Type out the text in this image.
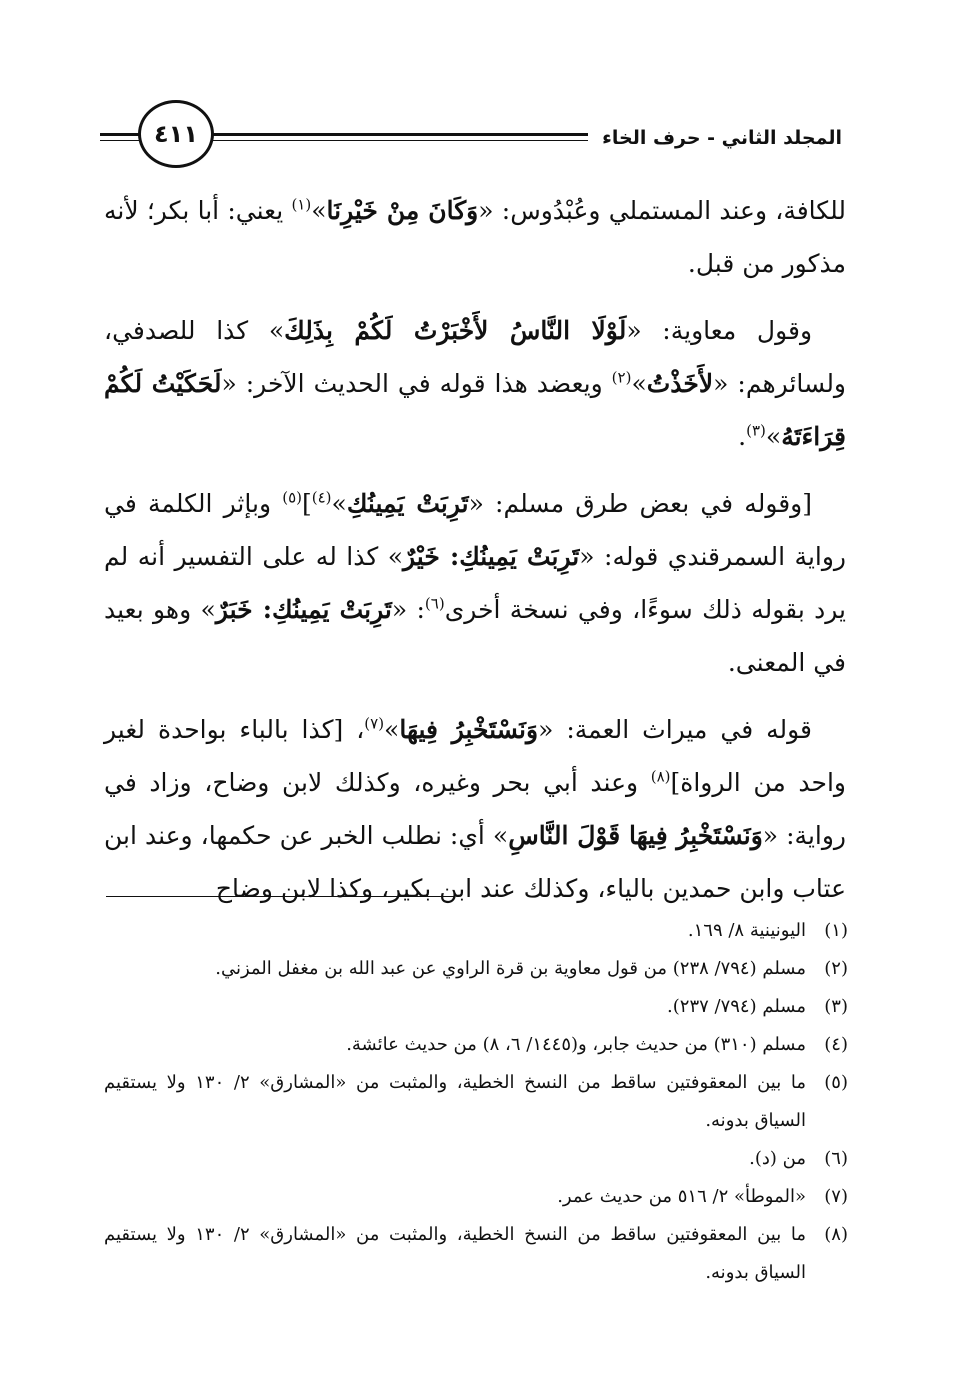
المجلد الثاني - حرف الخاء
٤١١

للكافة، وعند المستملي وعُبْدُوس: «وَكَانَ مِنْ خَيْرِنَا»$^{(١)}$ يعني: أبا بكر؛ لأنه مذكور من قبل.

وقول معاوية: «لَوْلَا النَّاسُ لأَخْبَرْتُ لَكُمْ بِذَلِكَ» كذا للصدفي، ولسائرهم: «لأَخَذْتُ»$^{(٢)}$ ويعضد هذا قوله في الحديث الآخر: «لَحَكَيْتُ لَكُمْ قِرَاءَتَهُ»$^{(٣)}$.

[وقوله في بعض طرق مسلم: «تَرِبَتْ يَمِينُكِ»$^{(٤)}$]$^{(٥)}$ وبإثر الكلمة في رواية السمرقندي قوله: «تَرِبَتْ يَمِينُكِ: خَيْرٌ» كذا له على التفسير أنه لم يرد بقوله ذلك سوءًا، وفي نسخة أخرى$^{(٦)}$: «تَرِبَتْ يَمِينُكِ: خَبَرٌ» وهو بعيد في المعنى.

قوله في ميراث العمة: «وَنَسْتَخْبِرُ فِيهَا»$^{(٧)}$، [كذا بالباء بواحدة لغير واحد من الرواة]$^{(٨)}$ وعند أبي بحر وغيره، وكذلك لابن وضاح، وزاد في رواية: «وَنَسْتَخْبِرُ فِيهَا قَوْلَ النَّاسِ» أي: نطلب الخبر عن حكمها، وعند ابن عتاب وابن حمدين بالياء، وكذلك عند ابن بكير، وكذا لابن وضاح

(١)
اليونينية ٨/ ١٦٩.
(٢)
مسلم (٧٩٤/ ٢٣٨) من قول معاوية بن قرة الراوي عن عبد الله بن مغفل المزني.
(٣)
مسلم (٧٩٤/ ٢٣٧).
(٤)
مسلم (٣١٠) من حديث جابر، و(١٤٤٥/ ٦، ٨) من حديث عائشة.
(٥)
ما بين المعقوفتين ساقط من النسخ الخطية، والمثبت من «المشارق» ٢/ ١٣٠ ولا يستقيم السياق بدونه.
(٦)
من (د).
(٧)
«الموطأ» ٢/ ٥١٦ من حديث عمر.
(٨)
ما بين المعقوفتين ساقط من النسخ الخطية، والمثبت من «المشارق» ٢/ ١٣٠ ولا يستقيم السياق بدونه.
